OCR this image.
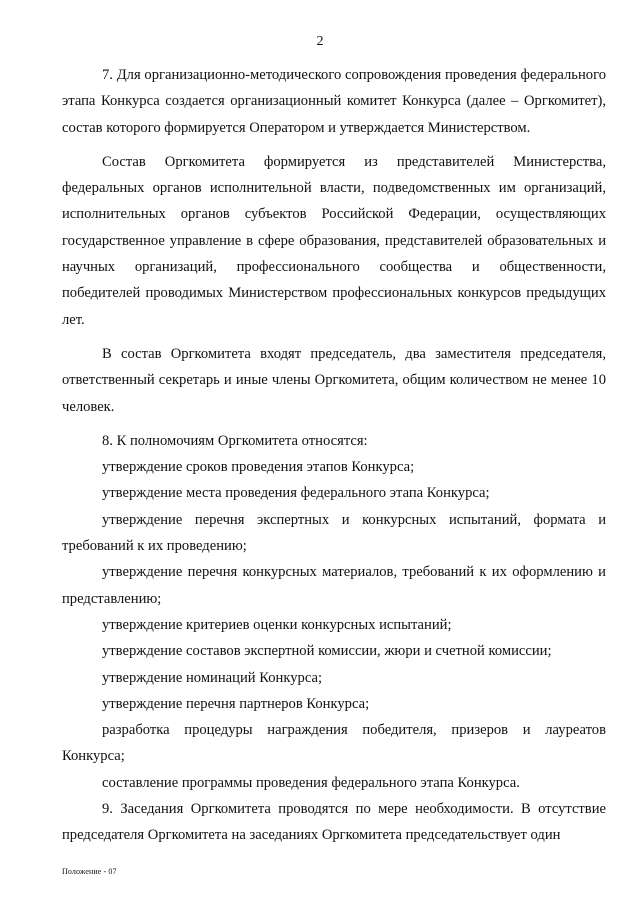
2

7. Для организационно-методического сопровождения проведения федерального этапа Конкурса создается организационный комитет Конкурса (далее – Оргкомитет), состав которого формируется Оператором и утверждается Министерством.

Состав Оргкомитета формируется из представителей Министерства, федеральных органов исполнительной власти, подведомственных им организаций, исполнительных органов субъектов Российской Федерации, осуществляющих государственное управление в сфере образования, представителей образовательных и научных организаций, профессионального сообщества и общественности, победителей проводимых Министерством профессиональных конкурсов предыдущих лет.

В состав Оргкомитета входят председатель, два заместителя председателя, ответственный секретарь и иные члены Оргкомитета, общим количеством не менее 10 человек.

8. К полномочиям Оргкомитета относятся:

утверждение сроков проведения этапов Конкурса;

утверждение места проведения федерального этапа Конкурса;

утверждение перечня экспертных и конкурсных испытаний, формата и требований к их проведению;

утверждение перечня конкурсных материалов, требований к их оформлению и представлению;

утверждение критериев оценки конкурсных испытаний;

утверждение составов экспертной комиссии, жюри и счетной комиссии;

утверждение номинаций Конкурса;

утверждение перечня партнеров Конкурса;

разработка процедуры награждения победителя, призеров и лауреатов Конкурса;

составление программы проведения федерального этапа Конкурса.

9. Заседания Оргкомитета проводятся по мере необходимости. В отсутствие председателя Оргкомитета на заседаниях Оргкомитета председательствует один

Положение - 07
